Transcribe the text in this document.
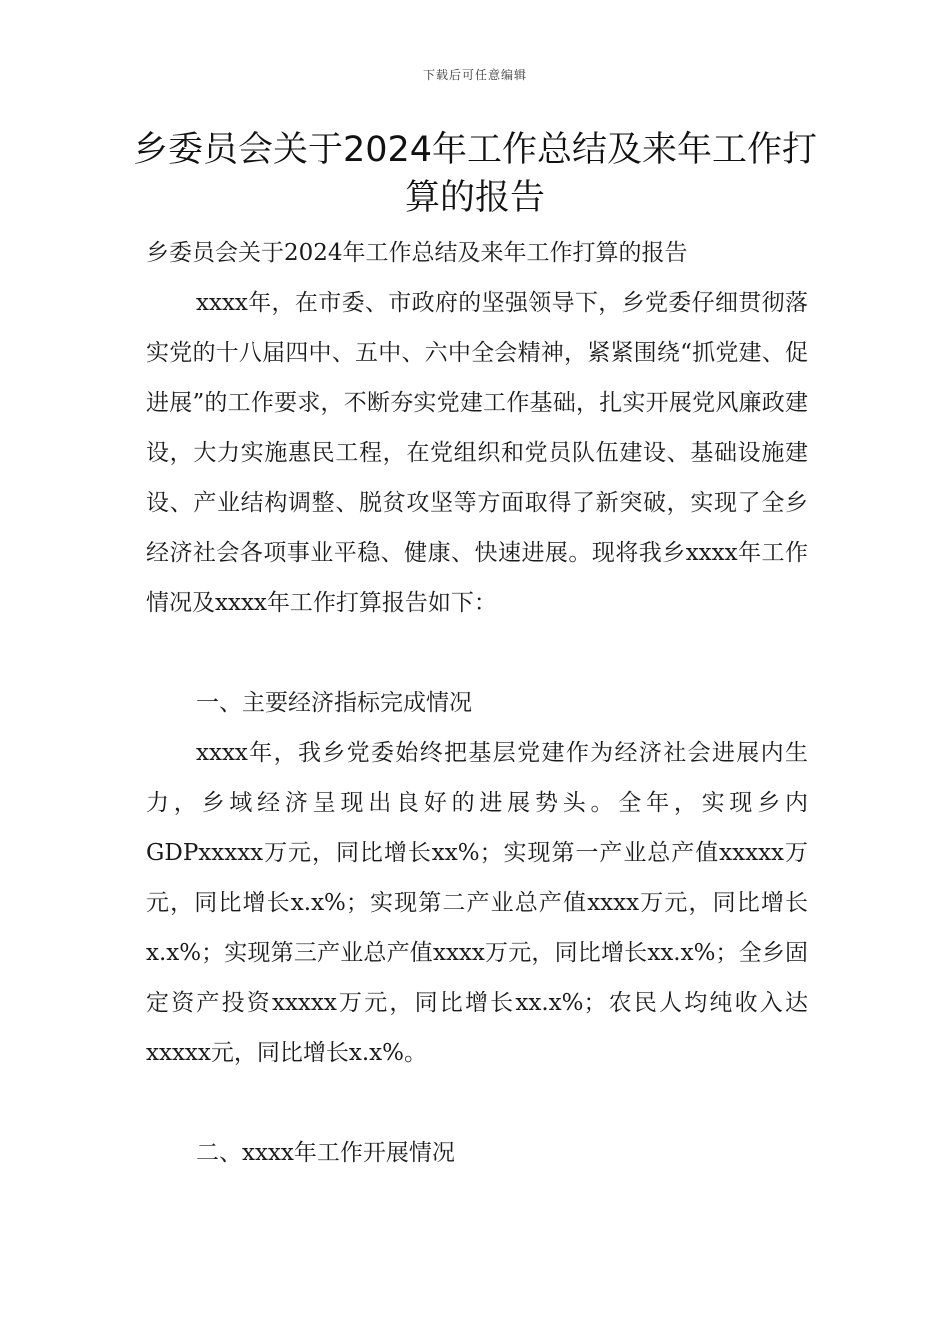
下载后可任意编辑
乡委员会关于2024年工作总结及来年工作打算的报告

乡委员会关于2024年工作总结及来年工作打算的报告

xxxx年，在市委、市政府的坚强领导下，乡党委仔细贯彻落实党的十八届四中、五中、六中全会精神，紧紧围绕“抓党建、促进展”的工作要求，不断夯实党建工作基础，扎实开展党风廉政建设，大力实施惠民工程，在党组织和党员队伍建设、基础设施建设、产业结构调整、脱贫攻坚等方面取得了新突破，实现了全乡经济社会各项事业平稳、健康、快速进展。现将我乡xxxx年工作情况及xxxx年工作打算报告如下：

一、主要经济指标完成情况

xxxx年，我乡党委始终把基层党建作为经济社会进展内生力，乡域经济呈现出良好的进展势头。全年，实现乡内GDPxxxxx万元，同比增长xx%；实现第一产业总产值xxxxx万元，同比增长x.x%；实现第二产业总产值xxxx万元，同比增长x.x%；实现第三产业总产值xxxx万元，同比增长xx.x%；全乡固定资产投资xxxxx万元，同比增长xx.x%；农民人均纯收入达xxxxx元，同比增长x.x%。

二、xxxx年工作开展情况
